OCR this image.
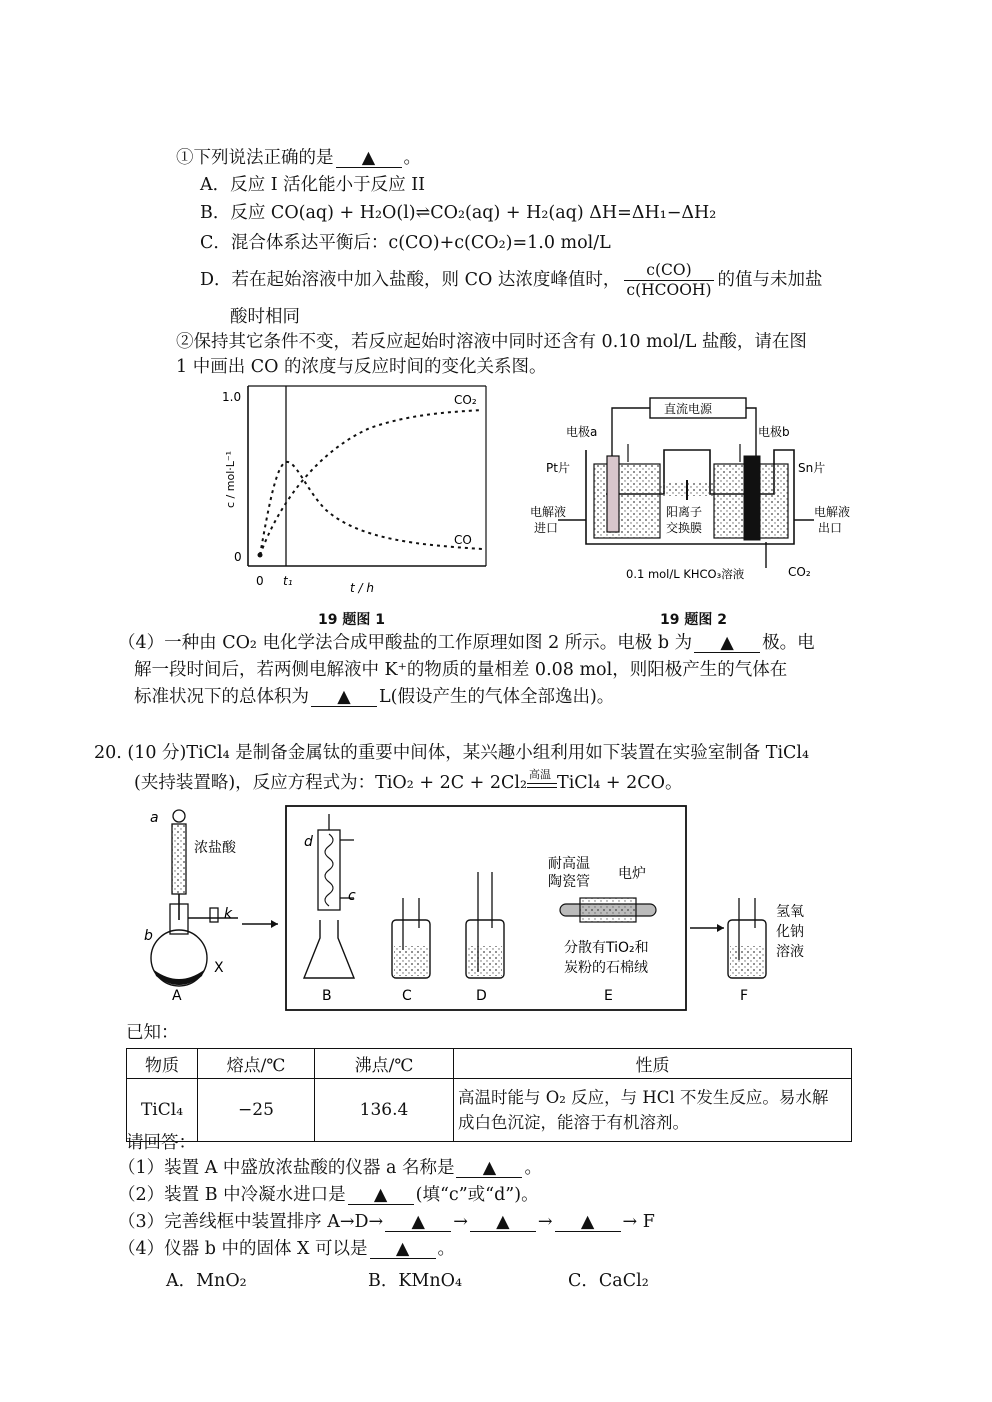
①下列说法正确的是 ▲ 。
A．反应 I 活化能小于反应 II
B．反应 CO(aq) + H₂O(l)⇌CO₂(aq) + H₂(aq) ΔH=ΔH₁−ΔH₂
C．混合体系达平衡后：c(CO)+c(CO₂)=1.0 mol/L
D．若在起始溶液中加入盐酸，则 CO 达浓度峰值时， $\frac{c(CO)}{\text{c(HCOOH)}}$ 的值与未加盐
酸时相同
②保持其它条件不变，若反应起始时溶液中同时还含有 0.10 mol/L 盐酸，请在图
1 中画出 CO 的浓度与反应时间的变化关系图。
1.0
0
0 t₁	t / h
c / mol·L⁻¹
CO₂
CO
19 题图 1
直流电源
电极a	电极b
Pt片	Sn片
电解液
进口
电解液
出口
阳离子
交换膜
0.1 mol/L KHCO₃溶液	CO₂
19 题图 2
（4）一种由 CO₂ 电化学法合成甲酸盐的工作原理如图 2 所示。电极 b 为 ▲ 极。电
解一段时间后，若两侧电解液中 K⁺的物质的量相差 0.08 mol，则阳极产生的气体在
标准状况下的总体积为 ▲ L(假设产生的气体全部逸出)。
20. (10 分)TiCl₄ 是制备金属钛的重要中间体，某兴趣小组利用如下装置在实验室制备 TiCl₄
(夹持装置略)，反应方程式为：TiO₂ + 2C + 2Cl₂ 高温 TiCl₄ + 2CO。
a
b
k
X
浓盐酸
A
d
c
B	C	D
耐高温
陶瓷管 电炉
分散有TiO₂和
炭粉的石棉绒
E
氢氧
化钠
溶液
F
已知：
物质	熔点/℃	沸点/℃	性质
TiCl₄	−25	136.4	高温时能与 O₂ 反应，与 HCl 不发生反应。易水解
成白色沉淀，能溶于有机溶剂。
请回答：
（1）装置 A 中盛放浓盐酸的仪器 a 名称是 ▲ 。
（2）装置 B 中冷凝水进口是 ▲ (填“c”或“d”)。
（3）完善线框中装置排序 A→D→ ▲ → ▲ → ▲ → F
（4）仪器 b 中的固体 X 可以是 ▲ 。
A．MnO₂	B．KMnO₄	C．CaCl₂
